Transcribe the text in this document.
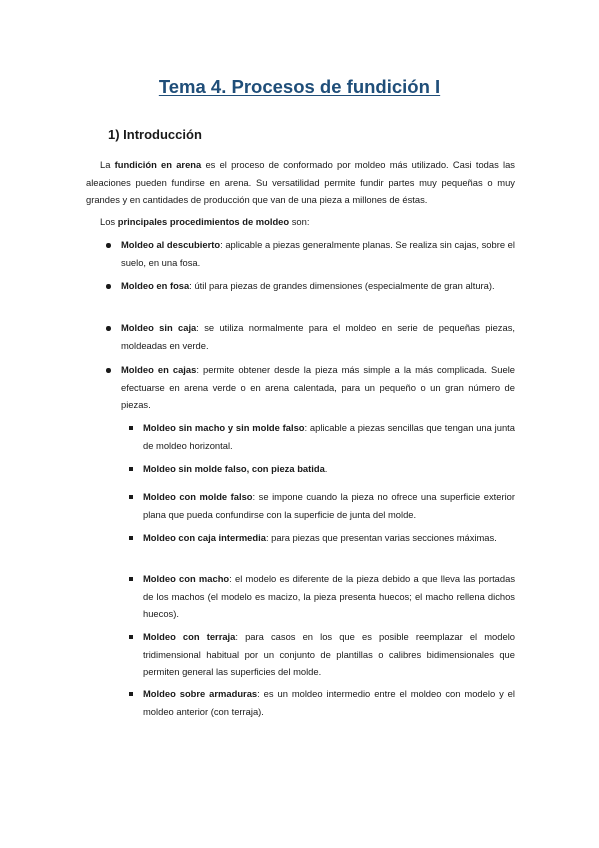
Tema 4. Procesos de fundición I
1) Introducción

La fundición en arena es el proceso de conformado por moldeo más utilizado. Casi todas las aleaciones pueden fundirse en arena. Su versatilidad permite fundir partes muy pequeñas o muy grandes y en cantidades de producción que van de una pieza a millones de éstas.

Los principales procedimientos de moldeo son:

Moldeo al descubierto: aplicable a piezas generalmente planas. Se realiza sin cajas, sobre el suelo, en una fosa.

Moldeo en fosa: útil para piezas de grandes dimensiones (especialmente de gran altura).

Moldeo sin caja: se utiliza normalmente para el moldeo en serie de pequeñas piezas, moldeadas en verde.

Moldeo en cajas: permite obtener desde la pieza más simple a la más complicada. Suele efectuarse en arena verde o en arena calentada, para un pequeño o un gran número de piezas.

Moldeo sin macho y sin molde falso: aplicable a piezas sencillas que tengan una junta de moldeo horizontal.

Moldeo sin molde falso, con pieza batida.

Moldeo con molde falso: se impone cuando la pieza no ofrece una superficie exterior plana que pueda confundirse con la superficie de junta del molde.

Moldeo con caja intermedia: para piezas que presentan varias secciones máximas.

Moldeo con macho: el modelo es diferente de la pieza debido a que lleva las portadas de los machos (el modelo es macizo, la pieza presenta huecos; el macho rellena dichos huecos).

Moldeo con terraja: para casos en los que es posible reemplazar el modelo tridimensional habitual por un conjunto de plantillas o calibres bidimensionales que permiten general las superficies del molde.

Moldeo sobre armaduras: es un moldeo intermedio entre el moldeo con modelo y el moldeo anterior (con terraja).
